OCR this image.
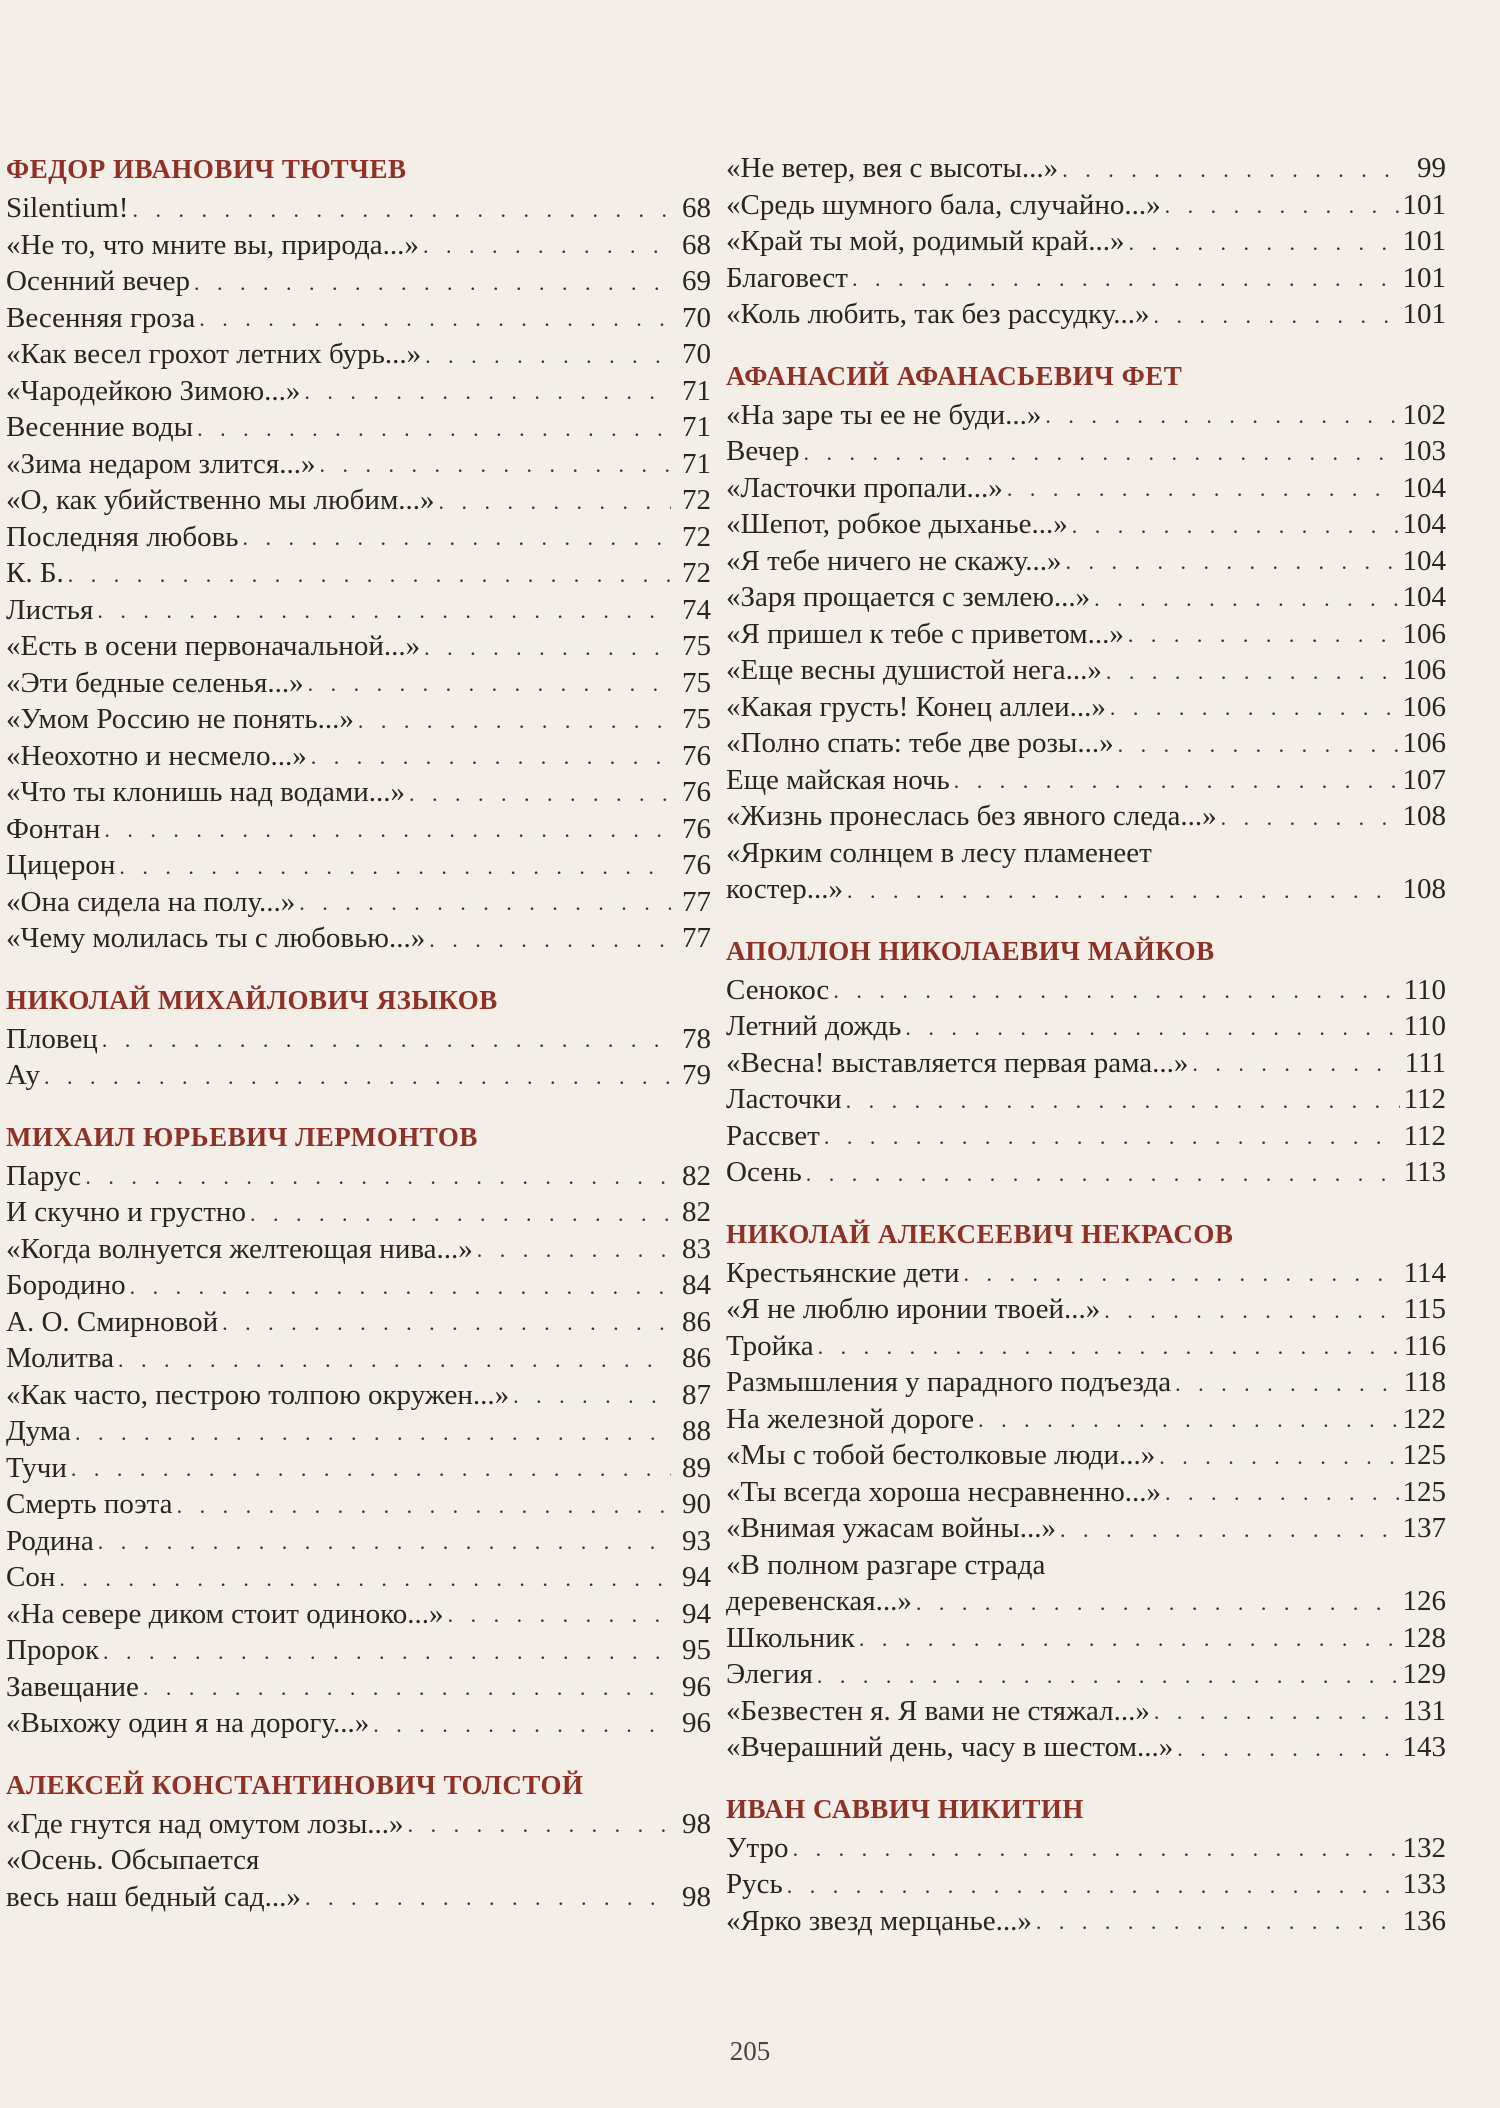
ФЕДОР ИВАНОВИЧ ТЮТЧЕВ
Silentium! . . .	68
«Не то, что мните вы, природа...» . . .	68
Осенний вечер . . .	69
Весенняя гроза . . .	70
«Как весел грохот летних бурь...» . . .	70
«Чародейкою Зимою...» . . .	71
Весенние воды . . .	71
«Зима недаром злится...» . . .	71
«О, как убийственно мы любим...» . . .	72
Последняя любовь . . .	72
К. Б. . . .	72
Листья . . .	74
«Есть в осени первоначальной...» . . .	75
«Эти бедные селенья...» . . .	75
«Умом Россию не понять...» . . .	75
«Неохотно и несмело...» . . .	76
«Что ты клонишь над водами...» . . .	76
Фонтан . . .	76
Цицерон . . .	76
«Она сидела на полу...» . . .	77
«Чему молилась ты с любовью...» . . .	77
НИКОЛАЙ МИХАЙЛОВИЧ ЯЗЫКОВ
Пловец . . .	78
Ау . . .	79
МИХАИЛ ЮРЬЕВИЧ ЛЕРМОНТОВ
Парус . . .	82
И скучно и грустно . . .	82
«Когда волнуется желтеющая нива...» . . .	83
Бородино . . .	84
А. О. Смирновой . . .	86
Молитва . . .	86
«Как часто, пестрою толпою окружен...» . . .	87
Дума . . .	88
Тучи . . .	89
Смерть поэта . . .	90
Родина . . .	93
Сон . . .	94
«На севере диком стоит одиноко...» . . .	94
Пророк . . .	95
Завещание . . .	96
«Выхожу один я на дорогу...» . . .	96
АЛЕКСЕЙ КОНСТАНТИНОВИЧ ТОЛСТОЙ
«Где гнутся над омутом лозы...» . . .	98
«Осень. Обсыпается
весь наш бедный сад...» . . .	98
«Не ветер, вея с высоты...» . . .	99
«Средь шумного бала, случайно...» . . .	101
«Край ты мой, родимый край...» . . .	101
Благовест . . .	101
«Коль любить, так без рассудку...» . . .	101
АФАНАСИЙ АФАНАСЬЕВИЧ ФЕТ
«На заре ты ее не буди...» . . .	102
Вечер . . .	103
«Ласточки пропали...» . . .	104
«Шепот, робкое дыханье...» . . .	104
«Я тебе ничего не скажу...» . . .	104
«Заря прощается с землею...» . . .	104
«Я пришел к тебе с приветом...» . . .	106
«Еще весны душистой нега...» . . .	106
«Какая грусть! Конец аллеи...» . . .	106
«Полно спать: тебе две розы...» . . .	106
Еще майская ночь . . .	107
«Жизнь пронеслась без явного следа...» . . .	108
«Ярким солнцем в лесу пламенеет
костер...» . . .	108
АПОЛЛОН НИКОЛАЕВИЧ МАЙКОВ
Сенокос . . .	110
Летний дождь . . .	110
«Весна! выставляется первая рама...» . . .	111
Ласточки . . .	112
Рассвет . . .	112
Осень . . .	113
НИКОЛАЙ АЛЕКСЕЕВИЧ НЕКРАСОВ
Крестьянские дети . . .	114
«Я не люблю иронии твоей...» . . .	115
Тройка . . .	116
Размышления у парадного подъезда . . .	118
На железной дороге . . .	122
«Мы с тобой бестолковые люди...» . . .	125
«Ты всегда хороша несравненно...» . . .	125
«Внимая ужасам войны...» . . .	137
«В полном разгаре страда
деревенская...» . . .	126
Школьник . . .	128
Элегия . . .	129
«Безвестен я. Я вами не стяжал...» . . .	131
«Вчерашний день, часу в шестом...» . . .	143
ИВАН САВВИЧ НИКИТИН
Утро . . .	132
Русь . . .	133
«Ярко звезд мерцанье...» . . .	136
205
